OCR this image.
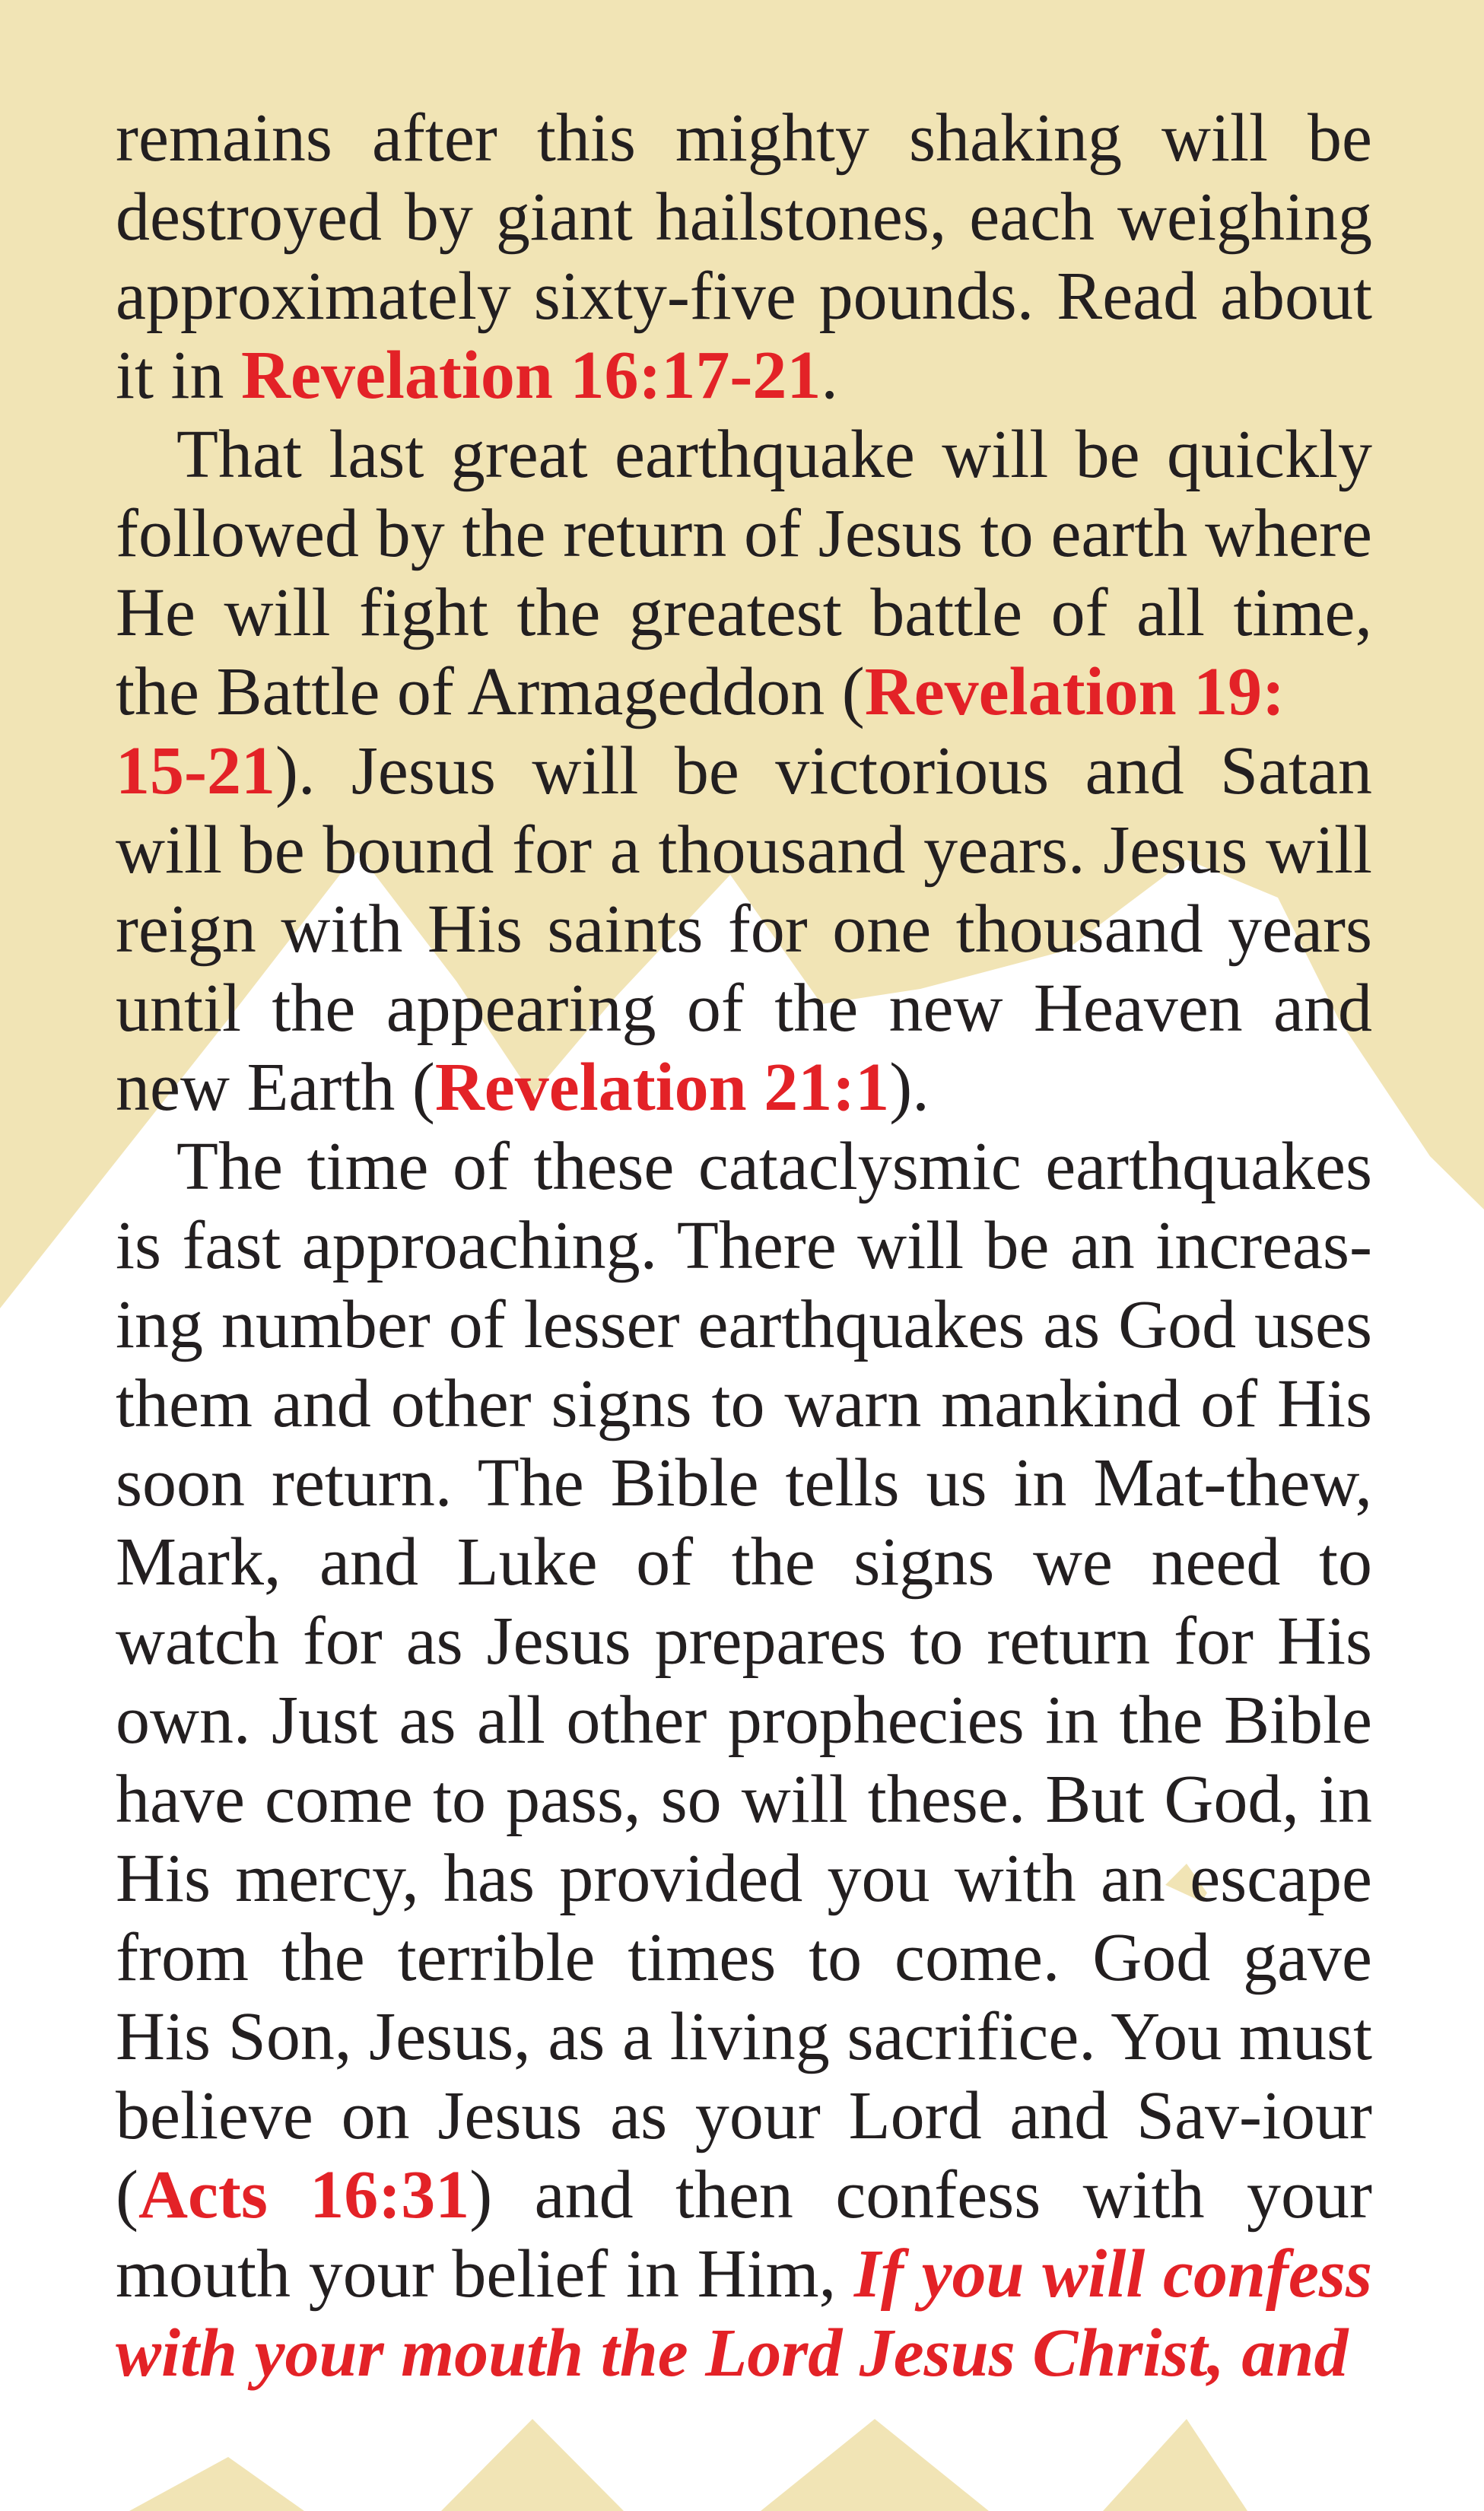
remains after this mighty shaking will be destroyed by giant hailstones, each weighing approximately sixty-five pounds. Read about it in Revelation 16:17-21.

That last great earthquake will be quickly followed by the return of Jesus to earth where He will fight the greatest battle of all time, the Battle of Armageddon (Revelation 19:
15-21). Jesus will be victorious and Satan will be bound for a thousand years. Jesus will reign with His saints for one thousand years until the appearing of the new Heaven and new Earth (Revelation 21:1).

The time of these cataclysmic earthquakes is fast approaching. There will be an increas-ing number of lesser earthquakes as God uses them and other signs to warn mankind of His soon return. The Bible tells us in Mat-thew, Mark, and Luke of the signs we need to watch for as Jesus prepares to return for His own. Just as all other prophecies in the Bible have come to pass, so will these. But God, in His mercy, has provided you with an escape from the terrible times to come. God gave His Son, Jesus, as a living sacrifice. You must believe on Jesus as your Lord and Sav-iour (Acts 16:31) and then confess with your mouth your belief in Him, If you will confess with your mouth the Lord Jesus Christ, and
